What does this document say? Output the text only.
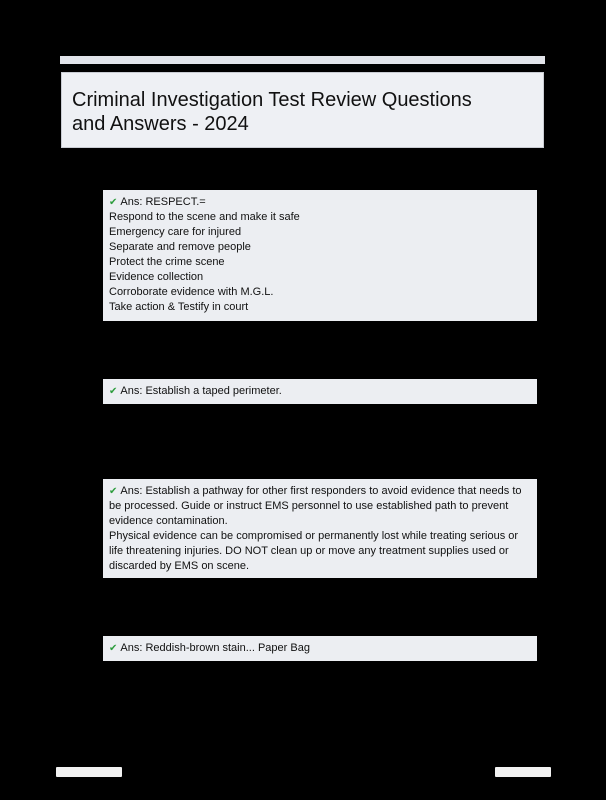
Criminal Investigation Test Review Questions
and Answers - 2024
✔ Ans: RESPECT.=
Respond to the scene and make it safe
Emergency care for injured
Separate and remove people
Protect the crime scene
Evidence collection
Corroborate evidence with M.G.L.
Take action & Testify in court
✔ Ans: Establish a taped perimeter.
✔ Ans: Establish a pathway for other first responders to avoid evidence that needs to be processed. Guide or instruct EMS personnel to use established path to prevent evidence contamination.
Physical evidence can be compromised or permanently lost while treating serious or life threatening injuries. DO NOT clean up or move any treatment supplies used or discarded by EMS on scene.
✔ Ans: Reddish-brown stain... Paper Bag
